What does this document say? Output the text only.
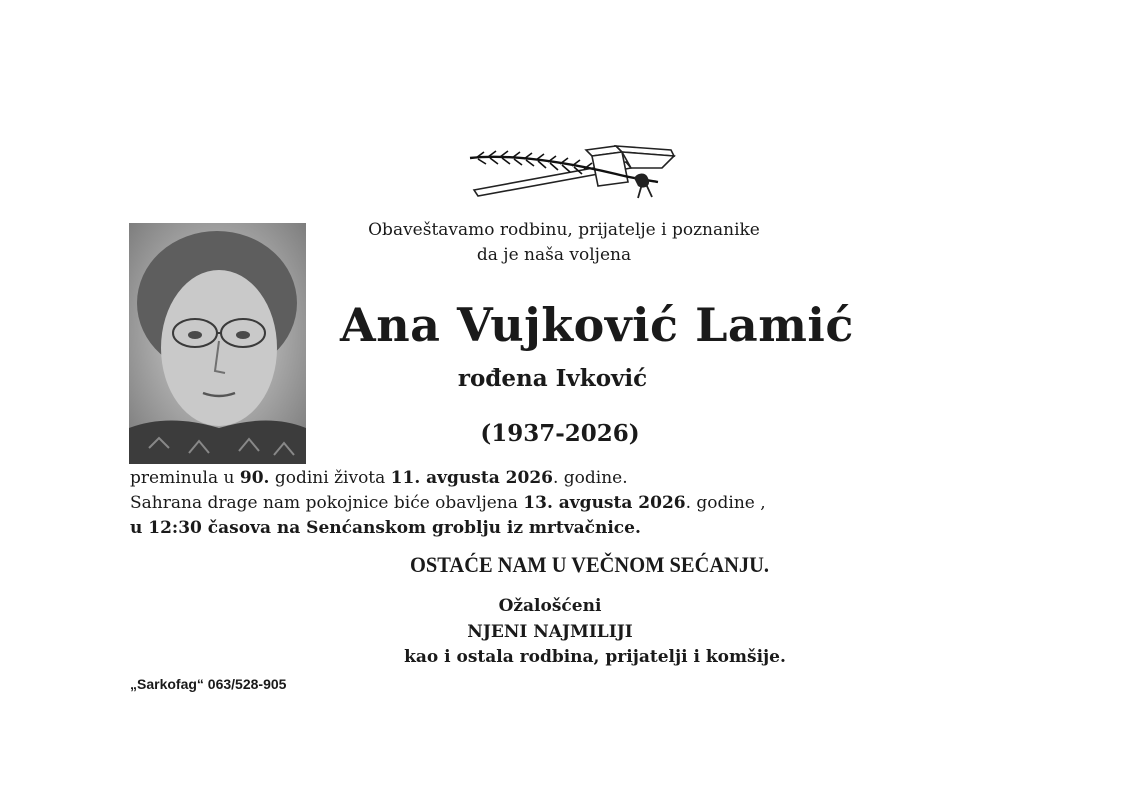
Obaveštavamo rodbinu, prijatelje i poznanike
da je naša voljena
Ana Vujković Lamić
rođena Ivković
(1937-2026)
preminula u 90. godini života 11. avgusta 2026. godine.
Sahrana drage nam pokojnice biće obavljena 13. avgusta 2026. godine ,
u 12:30 časova na Senćanskom groblju iz mrtvačnice.
OSTAĆE NAM U VEČNOM SEĆANJU.
Ožalošćeni
NJENI NAJMILIJI
kao i ostala rodbina, prijatelji i komšije.
„Sarkofag“ 063/528-905
